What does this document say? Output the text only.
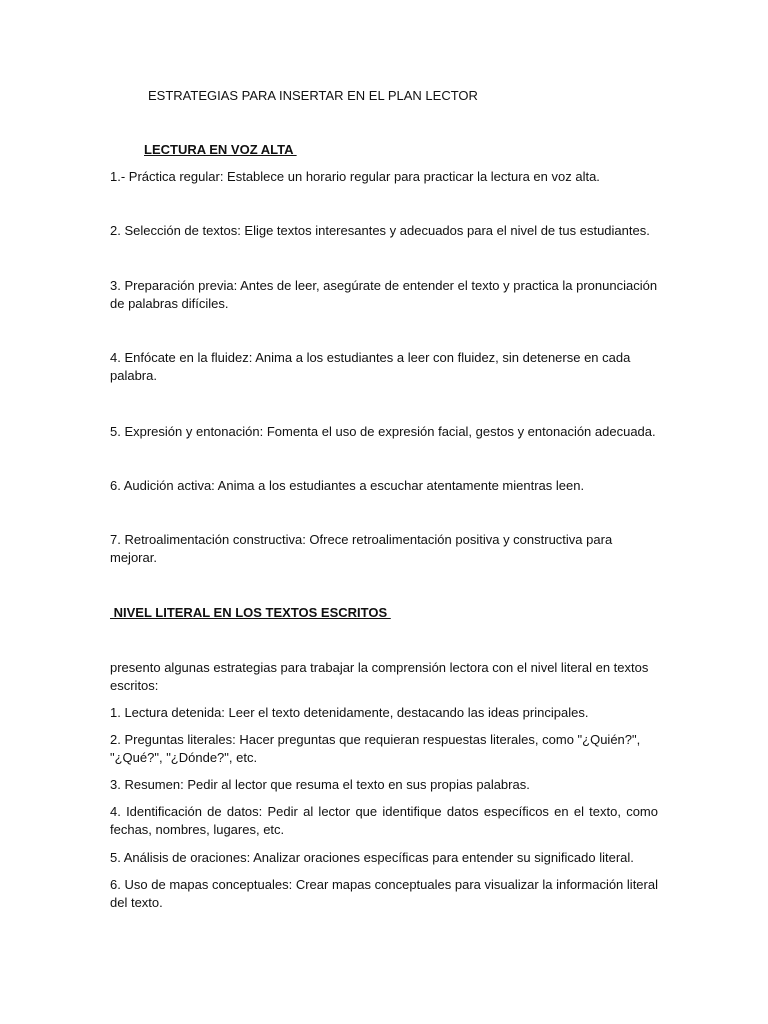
ESTRATEGIAS PARA INSERTAR EN EL PLAN LECTOR

LECTURA EN VOZ ALTA

1.- Práctica regular: Establece un horario regular para practicar la lectura en voz alta.

2. Selección de textos: Elige textos interesantes y adecuados para el nivel de tus estudiantes.

3. Preparación previa: Antes de leer, asegúrate de entender el texto y practica la pronunciación de palabras difíciles.

4. Enfócate en la fluidez: Anima a los estudiantes a leer con fluidez, sin detenerse en cada palabra.

5. Expresión y entonación: Fomenta el uso de expresión facial, gestos y entonación adecuada.

6. Audición activa: Anima a los estudiantes a escuchar atentamente mientras leen.

7. Retroalimentación constructiva: Ofrece retroalimentación positiva y constructiva para mejorar.

NIVEL LITERAL EN LOS TEXTOS ESCRITOS

presento algunas estrategias para trabajar la comprensión lectora con el nivel literal en textos escritos:

1. Lectura detenida: Leer el texto detenidamente, destacando las ideas principales.

2. Preguntas literales: Hacer preguntas que requieran respuestas literales, como "¿Quién?", "¿Qué?", "¿Dónde?", etc.

3. Resumen: Pedir al lector que resuma el texto en sus propias palabras.

4. Identificación de datos: Pedir al lector que identifique datos específicos en el texto, como fechas, nombres, lugares, etc.

5. Análisis de oraciones: Analizar oraciones específicas para entender su significado literal.

6. Uso de mapas conceptuales: Crear mapas conceptuales para visualizar la información literal del texto.
